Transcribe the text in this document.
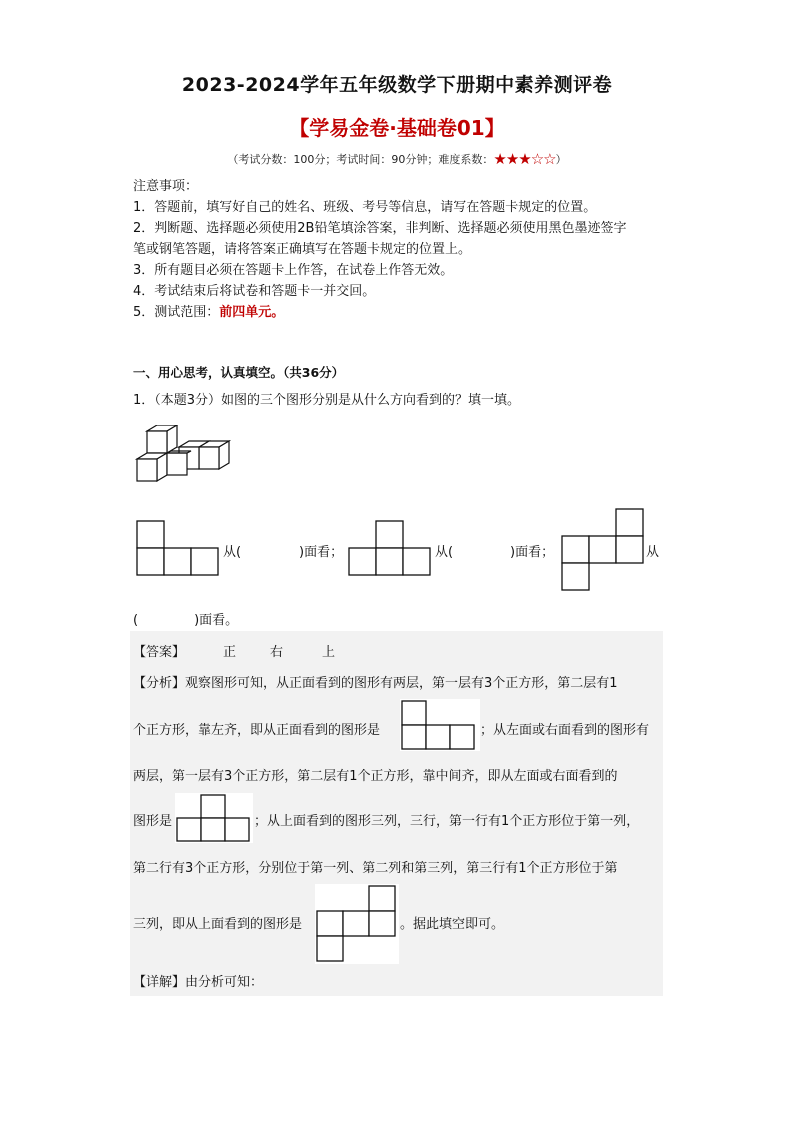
2023-2024学年五年级数学下册期中素养测评卷
【学易金卷·基础卷01】
（考试分数：100分；考试时间：90分钟；难度系数：★★★☆☆）
注意事项：
1．答题前，填写好自己的姓名、班级、考号等信息，请写在答题卡规定的位置。
2．判断题、选择题必须使用2B铅笔填涂答案，非判断、选择题必须使用黑色墨迹签字
笔或钢笔答题，请将答案正确填写在答题卡规定的位置上。
3．所有题目必须在答题卡上作答，在试卷上作答无效。
4．考试结束后将试卷和答题卡一并交回。
5．测试范围：前四单元。
一、用心思考，认真填空。（共36分）
1．（本题3分）如图的三个图形分别是从什么方向看到的？填一填。
从(	)面看；	从(	)面看；	从
(	)面看。
【答案】	正	右	上
【分析】观察图形可知，从正面看到的图形有两层，第一层有3个正方形，第二层有1
个正方形，靠左齐，即从正面看到的图形是	；从左面或右面看到的图形有
两层，第一层有3个正方形，第二层有1个正方形，靠中间齐，即从左面或右面看到的
图形是	；从上面看到的图形三列，三行，第一行有1个正方形位于第一列，
第二行有3个正方形，分别位于第一列、第二列和第三列，第三行有1个正方形位于第
三列，即从上面看到的图形是	。据此填空即可。
【详解】由分析可知：
